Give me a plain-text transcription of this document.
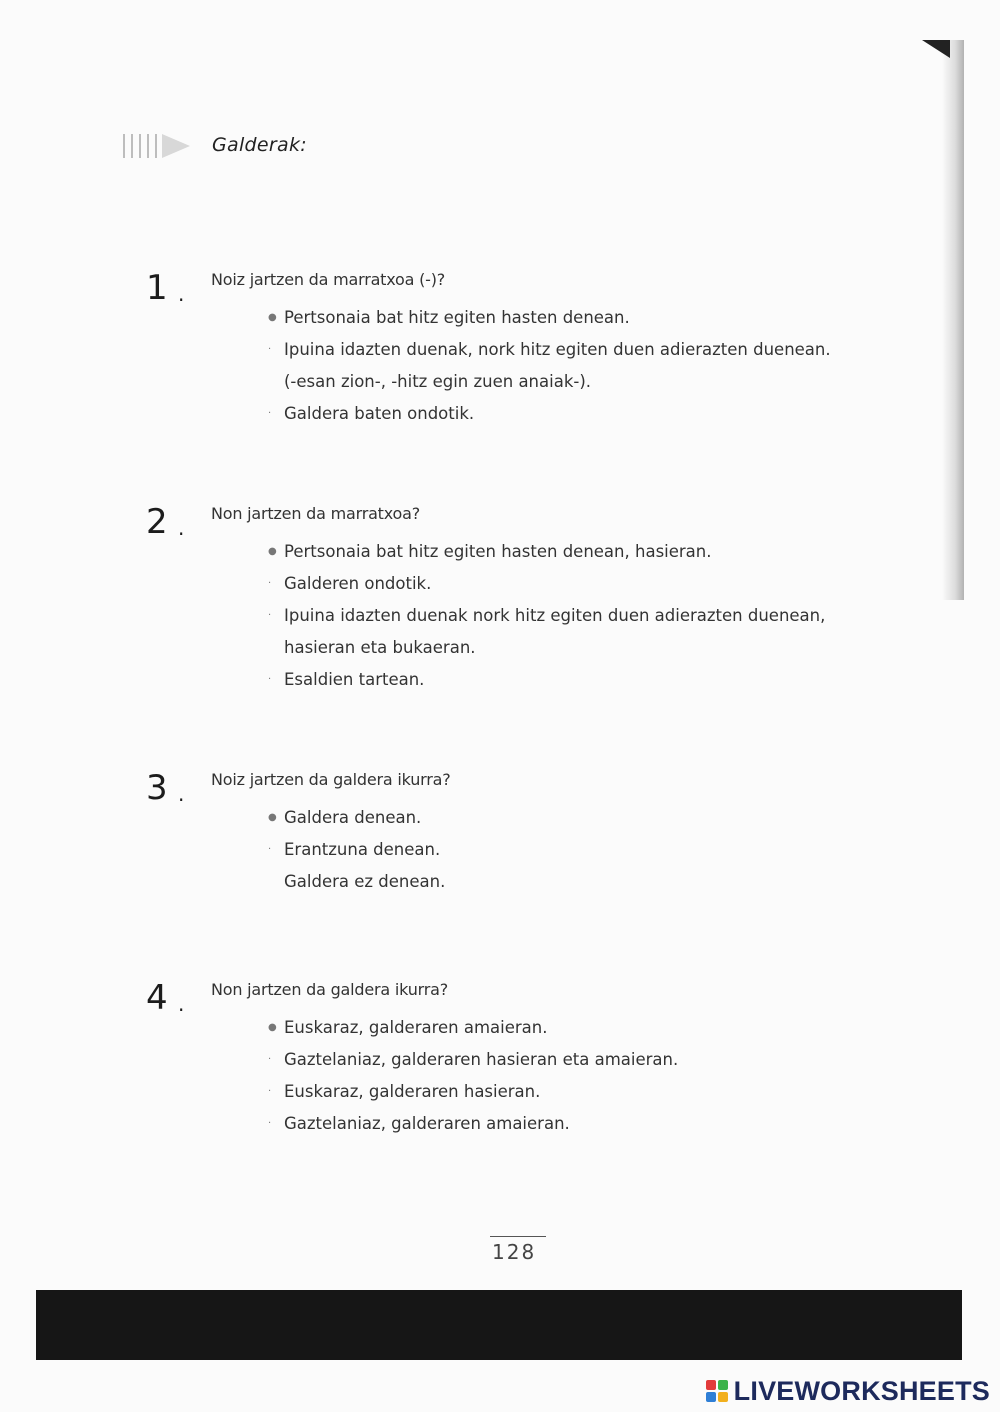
Galderak:
1 .
Noiz jartzen da marratxoa (-)?
● Pertsonaia bat hitz egiten hasten denean.
· Ipuina idazten duenak, nork hitz egiten duen adierazten duenean.
(-esan zion-, -hitz egin zuen anaiak-).
· Galdera baten ondotik.
2 .
Non jartzen da marratxoa?
● Pertsonaia bat hitz egiten hasten denean, hasieran.
· Galderen ondotik.
· Ipuina idazten duenak nork hitz egiten duen adierazten duenean,
hasieran eta bukaeran.
· Esaldien tartean.
3 .
Noiz jartzen da galdera ikurra?
● Galdera denean.
· Erantzuna denean.
Galdera ez denean.
4 .
Non jartzen da galdera ikurra?
● Euskaraz, galderaren amaieran.
· Gaztelaniaz, galderaren hasieran eta amaieran.
· Euskaraz, galderaren hasieran.
· Gaztelaniaz, galderaren amaieran.
128
LIVEWORKSHEETS
